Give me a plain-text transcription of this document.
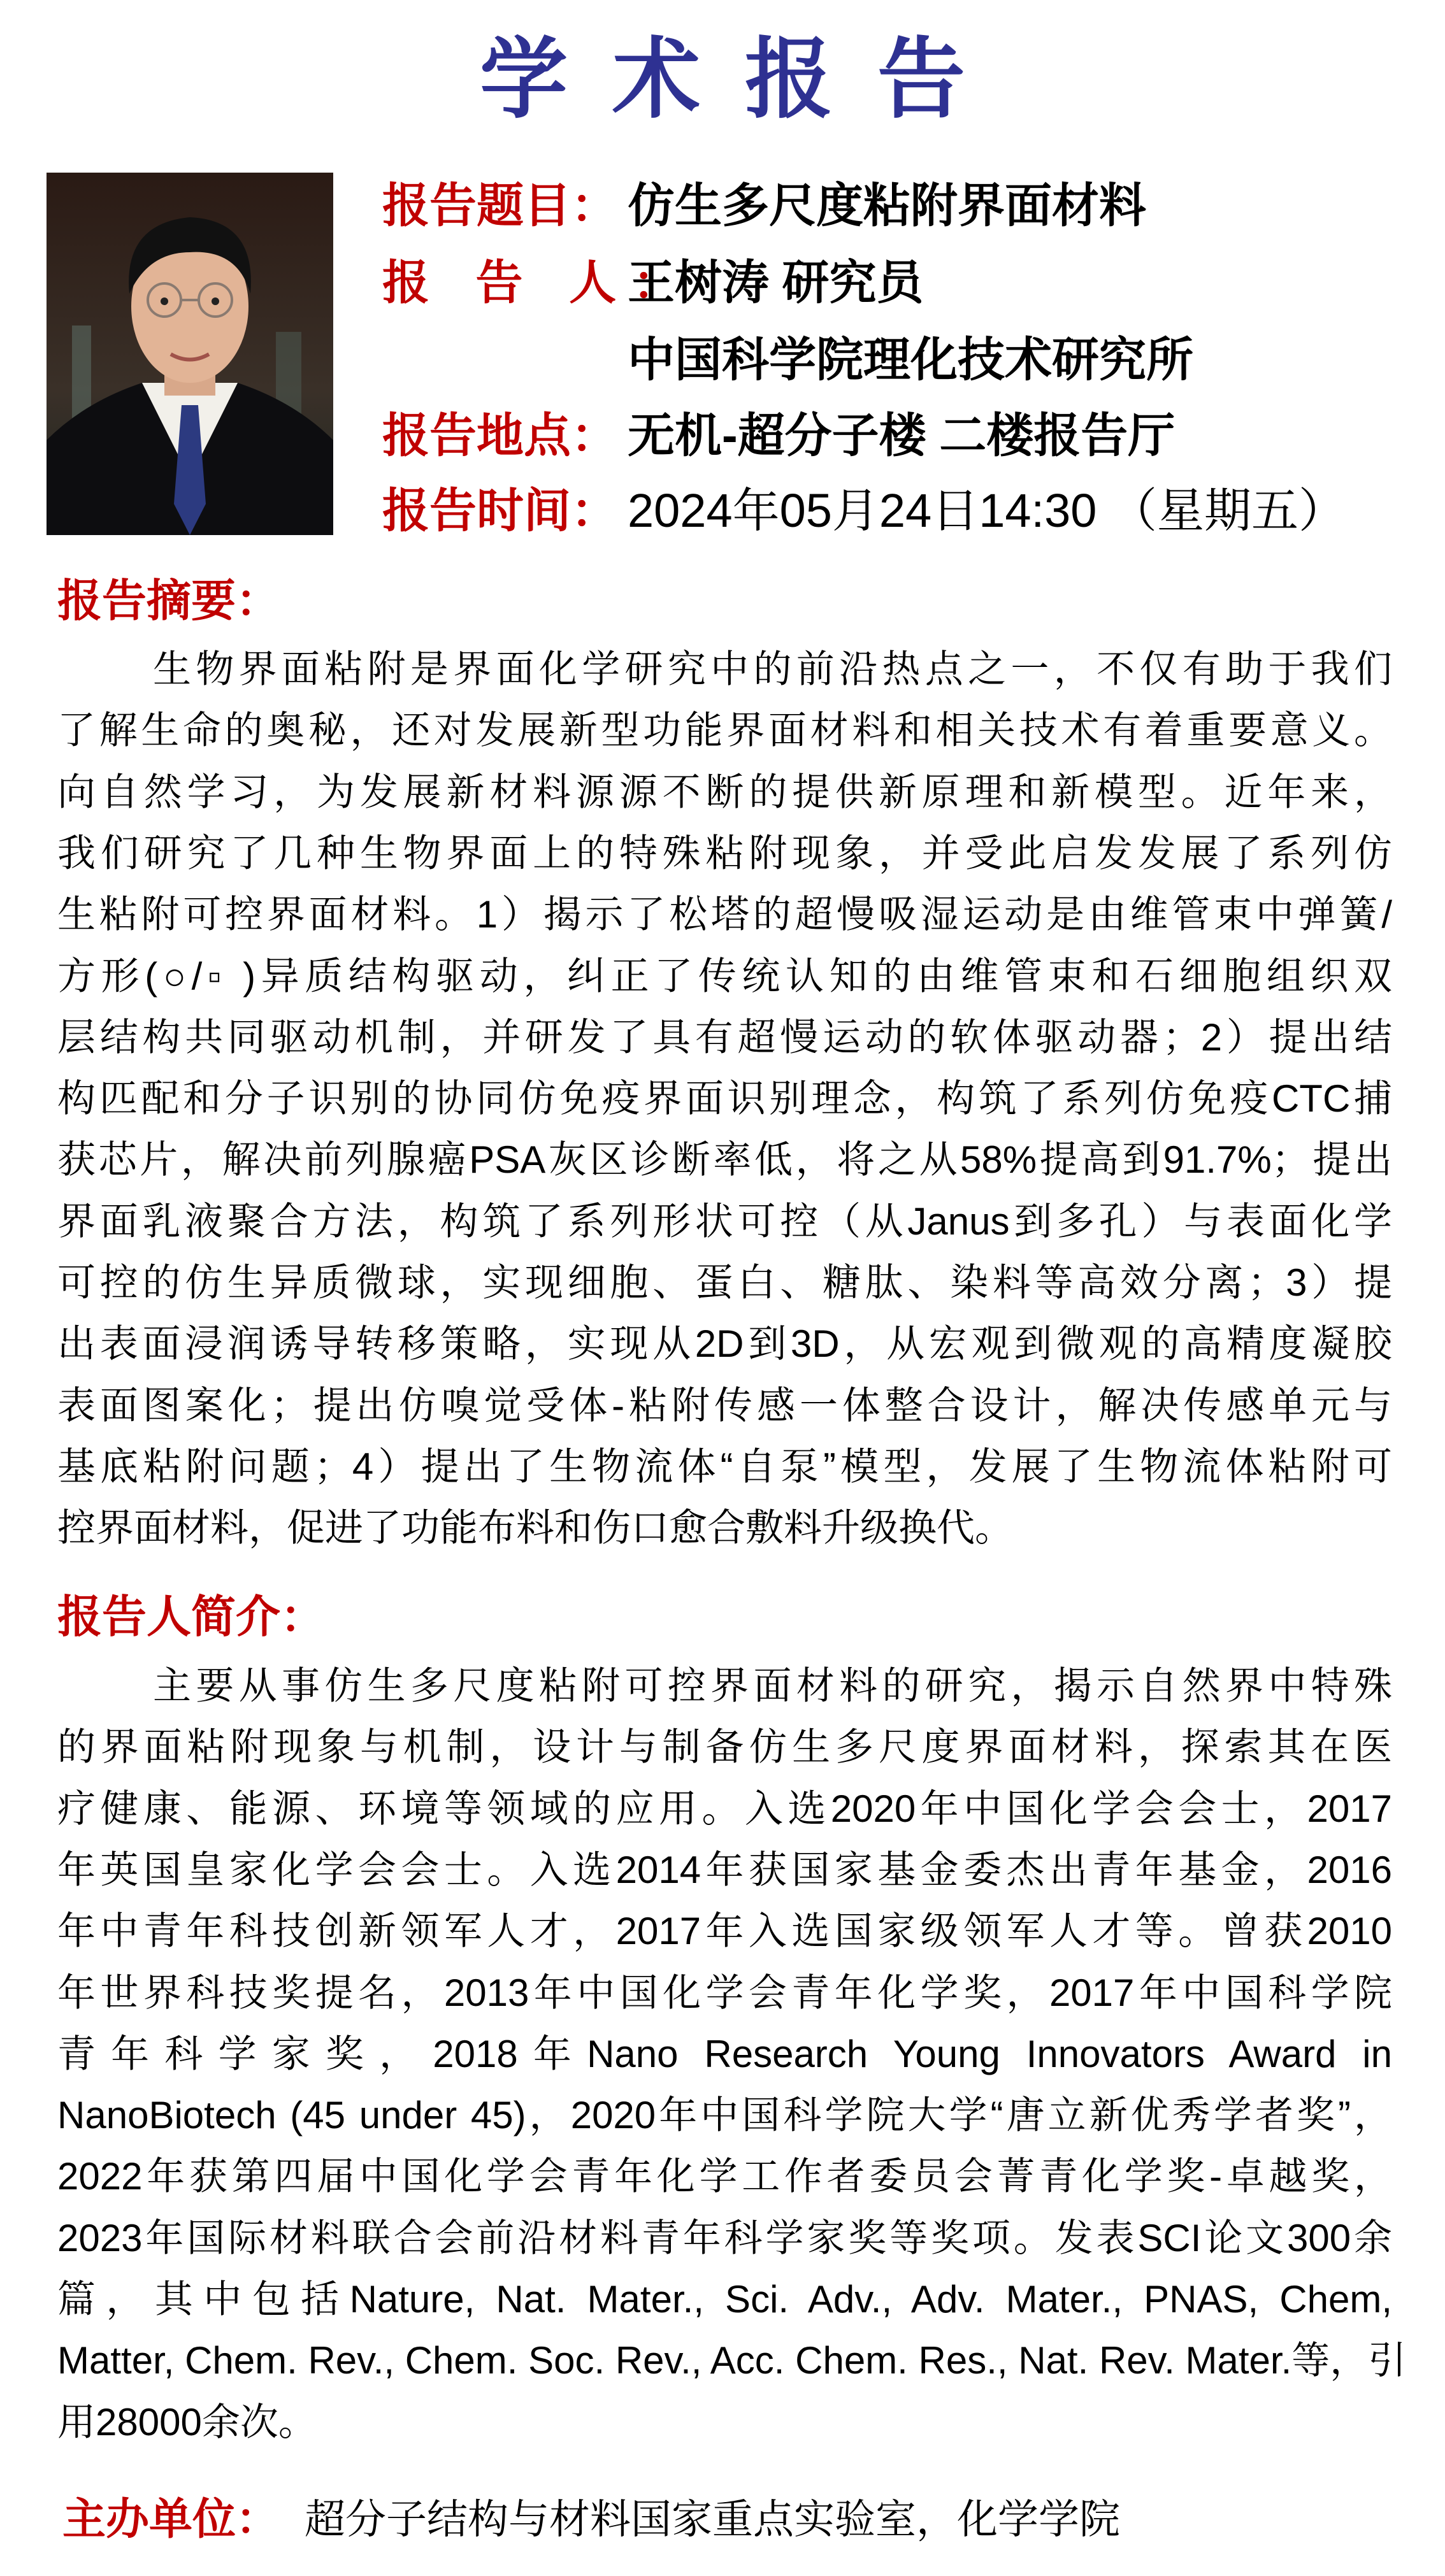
学术报告
报告题目： 仿生多尺度粘附界面材料
报 告 人：
王树涛 研究员
中国科学院理化技术研究所
报告地点： 无机-超分子楼 二楼报告厅
报告时间： 2024年05月24日14:30 （星期五）
报告摘要：
生物界面粘附是界面化学研究中的前沿热点之一，不仅有助于我们
了解生命的奥秘，还对发展新型功能界面材料和相关技术有着重要意义。
向自然学习，为发展新材料源源不断的提供新原理和新模型。近年来，
我们研究了几种生物界面上的特殊粘附现象，并受此启发发展了系列仿
生粘附可控界面材料。1）揭示了松塔的超慢吸湿运动是由维管束中弹簧/
方形(○/▫ )异质结构驱动，纠正了传统认知的由维管束和石细胞组织双
层结构共同驱动机制，并研发了具有超慢运动的软体驱动器；2）提出结
构匹配和分子识别的协同仿免疫界面识别理念，构筑了系列仿免疫CTC捕
获芯片，解决前列腺癌PSA灰区诊断率低，将之从58%提高到91.7%；提出
界面乳液聚合方法，构筑了系列形状可控（从Janus到多孔）与表面化学
可控的仿生异质微球，实现细胞、蛋白、糖肽、染料等高效分离；3）提
出表面浸润诱导转移策略，实现从2D到3D，从宏观到微观的高精度凝胶
表面图案化；提出仿嗅觉受体-粘附传感一体整合设计，解决传感单元与
基底粘附问题；4）提出了生物流体“自泵”模型，发展了生物流体粘附可
控界面材料，促进了功能布料和伤口愈合敷料升级换代。
报告人简介：
主要从事仿生多尺度粘附可控界面材料的研究，揭示自然界中特殊
的界面粘附现象与机制，设计与制备仿生多尺度界面材料，探索其在医
疗健康、能源、环境等领域的应用。入选2020年中国化学会会士，2017
年英国皇家化学会会士。入选2014年获国家基金委杰出青年基金，2016
年中青年科技创新领军人才，2017年入选国家级领军人才等。曾获2010
年世界科技奖提名，2013年中国化学会青年化学奖，2017年中国科学院
青年科学家奖，2018年Nano Research Young Innovators Award in
NanoBiotech (45 under 45)，2020年中国科学院大学“唐立新优秀学者奖”，
2022年获第四届中国化学会青年化学工作者委员会菁青化学奖-卓越奖，
2023年国际材料联合会前沿材料青年科学家奖等奖项。发表SCI论文300余
篇，其中包括Nature, Nat. Mater., Sci. Adv., Adv. Mater., PNAS, Chem,
Matter, Chem. Rev., Chem. Soc. Rev., Acc. Chem. Res., Nat. Rev. Mater.等，引
用28000余次。
主办单位： 超分子结构与材料国家重点实验室，化学学院
